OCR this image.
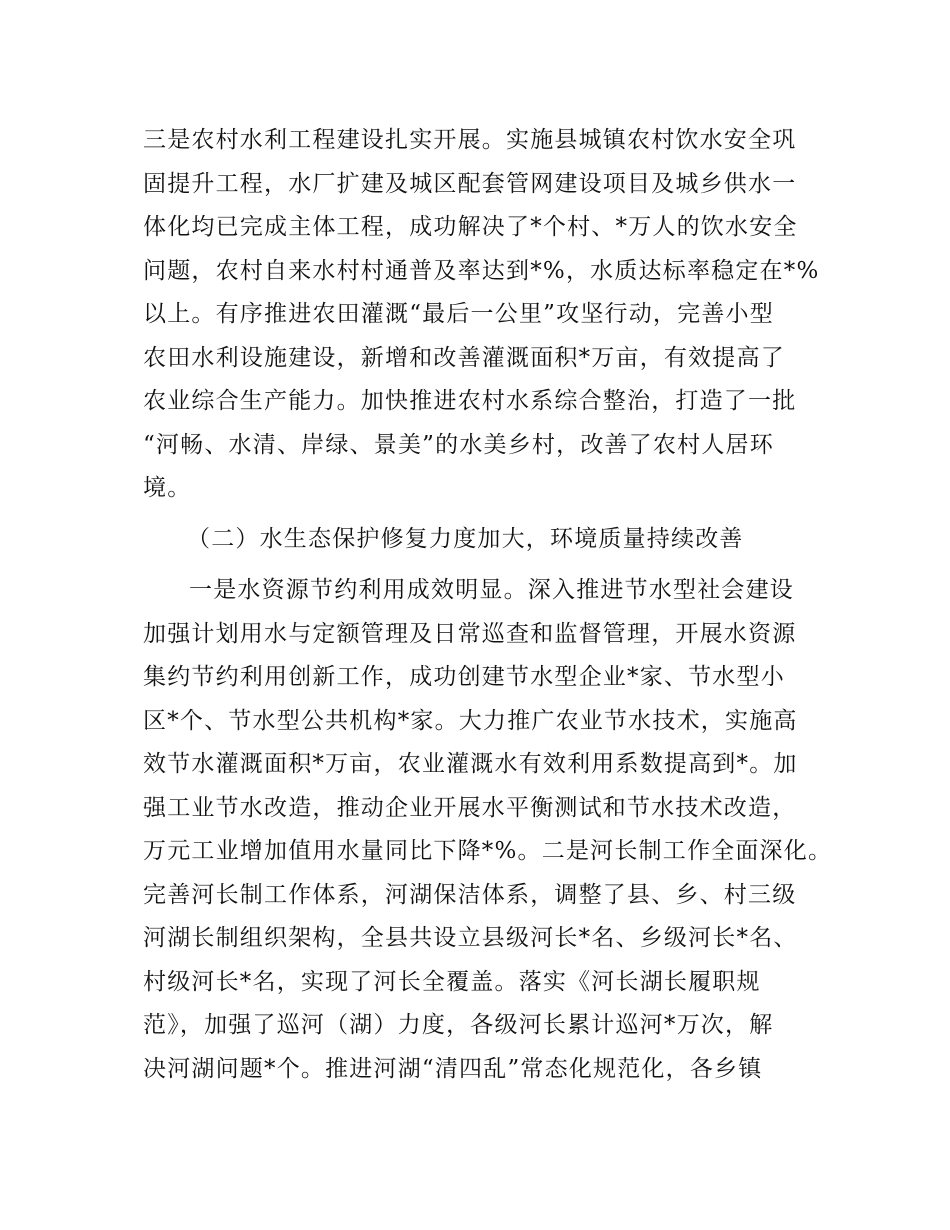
三是农村水利工程建设扎实开展。实施县城镇农村饮水安全巩
固提升工程，水厂扩建及城区配套管网建设项目及城乡供水一
体化均已完成主体工程，成功解决了*个村、*万人的饮水安全
问题，农村自来水村村通普及率达到*%，水质达标率稳定在*%
以上。有序推进农田灌溉“最后一公里”攻坚行动，完善小型
农田水利设施建设，新增和改善灌溉面积*万亩，有效提高了
农业综合生产能力。加快推进农村水系综合整治，打造了一批
“河畅、水清、岸绿、景美”的水美乡村，改善了农村人居环
境。
（二）水生态保护修复力度加大，环境质量持续改善
一是水资源节约利用成效明显。深入推进节水型社会建设
加强计划用水与定额管理及日常巡查和监督管理，开展水资源
集约节约利用创新工作，成功创建节水型企业*家、节水型小
区*个、节水型公共机构*家。大力推广农业节水技术，实施高
效节水灌溉面积*万亩，农业灌溉水有效利用系数提高到*。加
强工业节水改造，推动企业开展水平衡测试和节水技术改造，
万元工业增加值用水量同比下降*%。二是河长制工作全面深化。
完善河长制工作体系，河湖保洁体系，调整了县、乡、村三级
河湖长制组织架构，全县共设立县级河长*名、乡级河长*名、
村级河长*名，实现了河长全覆盖。落实《河长湖长履职规
范》，加强了巡河（湖）力度，各级河长累计巡河*万次，解
决河湖问题*个。推进河湖“清四乱”常态化规范化，各乡镇
